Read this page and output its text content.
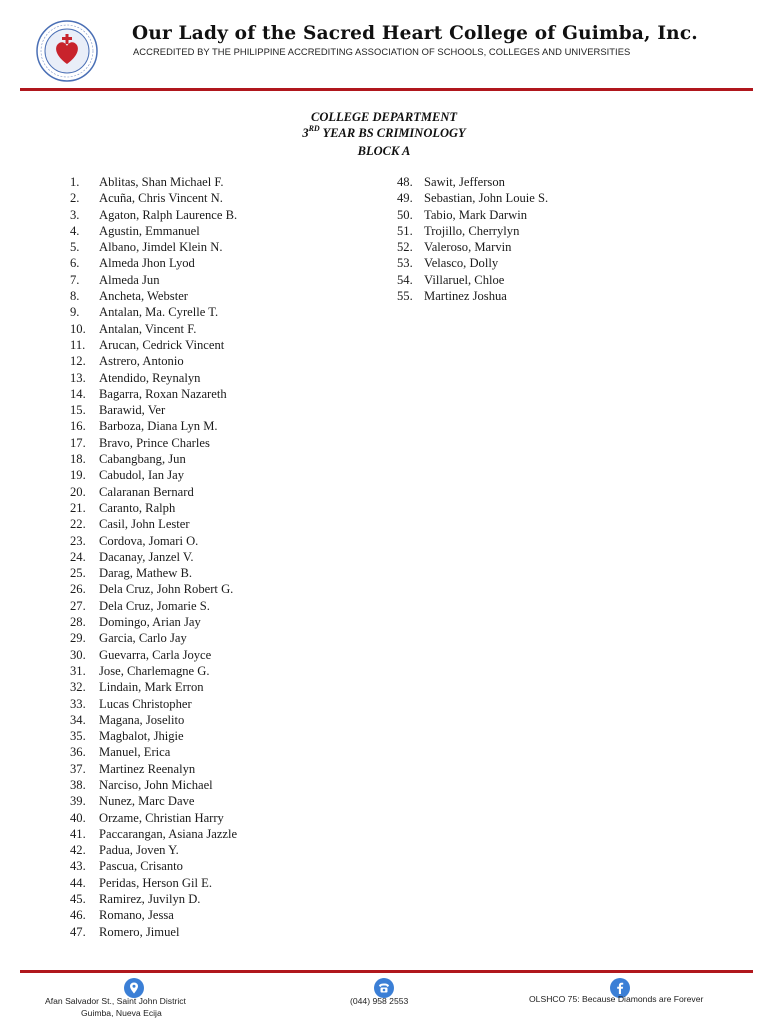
Our Lady of the Sacred Heart College of Guimba, Inc.
ACCREDITED BY THE PHILIPPINE ACCREDITING ASSOCIATION OF SCHOOLS, COLLEGES AND UNIVERSITIES
COLLEGE DEPARTMENT
3RD YEAR BS CRIMINOLOGY
BLOCK A
1. Ablitas, Shan Michael F.
2. Acuña, Chris Vincent N.
3. Agaton, Ralph Laurence B.
4. Agustin, Emmanuel
5. Albano, Jimdel Klein N.
6. Almeda Jhon Lyod
7. Almeda Jun
8. Ancheta, Webster
9. Antalan, Ma. Cyrelle T.
10. Antalan, Vincent F.
11. Arucan, Cedrick Vincent
12. Astrero, Antonio
13. Atendido, Reynalyn
14. Bagarra, Roxan Nazareth
15. Barawid, Ver
16. Barboza, Diana Lyn M.
17. Bravo, Prince Charles
18. Cabangbang, Jun
19. Cabudol, Ian Jay
20. Calaranan Bernard
21. Caranto, Ralph
22. Casil, John Lester
23. Cordova, Jomari O.
24. Dacanay, Janzel V.
25. Darag, Mathew B.
26. Dela Cruz, John Robert G.
27. Dela Cruz, Jomarie S.
28. Domingo, Arian Jay
29. Garcia, Carlo Jay
30. Guevarra, Carla Joyce
31. Jose, Charlemagne G.
32. Lindain, Mark Erron
33. Lucas Christopher
34. Magana, Joselito
35. Magbalot, Jhigie
36. Manuel, Erica
37. Martinez Reenalyn
38. Narciso, John Michael
39. Nunez, Marc Dave
40. Orzame, Christian Harry
41. Paccarangan, Asiana Jazzle
42. Padua, Joven Y.
43. Pascua, Crisanto
44. Peridas, Herson Gil E.
45. Ramirez, Juvilyn D.
46. Romano, Jessa
47. Romero, Jimuel
48. Sawit, Jefferson
49. Sebastian, John Louie S.
50. Tabio, Mark Darwin
51. Trojillo, Cherrylyn
52. Valeroso, Marvin
53. Velasco, Dolly
54. Villaruel, Chloe
55. Martinez Joshua
Afan Salvador St., Saint John District
Guimba, Nueva Ecija
(044) 958 2553	OLSHCO 75: Because Diamonds are Forever
